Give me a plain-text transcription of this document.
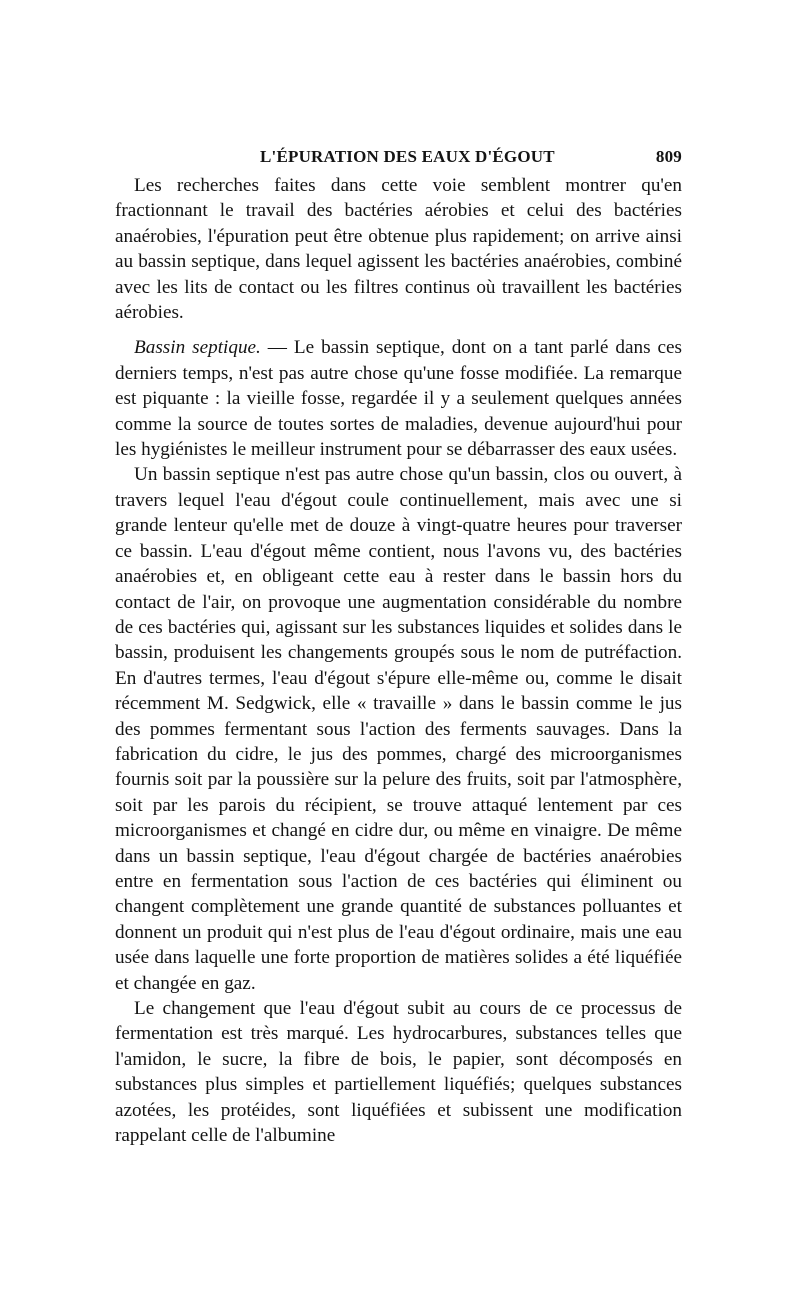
L'ÉPURATION DES EAUX D'ÉGOUT	809

Les recherches faites dans cette voie semblent montrer qu'en fractionnant le travail des bactéries aérobies et celui des bactéries anaérobies, l'épuration peut être obtenue plus rapidement; on arrive ainsi au bassin septique, dans lequel agissent les bactéries anaérobies, combiné avec les lits de contact ou les filtres continus où travaillent les bactéries aérobies.

Bassin septique. — Le bassin septique, dont on a tant parlé dans ces derniers temps, n'est pas autre chose qu'une fosse modifiée. La remarque est piquante : la vieille fosse, regardée il y a seulement quelques années comme la source de toutes sortes de maladies, devenue aujourd'hui pour les hygiénistes le meilleur instrument pour se débarrasser des eaux usées.

Un bassin septique n'est pas autre chose qu'un bassin, clos ou ouvert, à travers lequel l'eau d'égout coule continuellement, mais avec une si grande lenteur qu'elle met de douze à vingt-quatre heures pour traverser ce bassin. L'eau d'égout même contient, nous l'avons vu, des bactéries anaérobies et, en obligeant cette eau à rester dans le bassin hors du contact de l'air, on provoque une augmentation considérable du nombre de ces bactéries qui, agissant sur les substances liquides et solides dans le bassin, produisent les changements groupés sous le nom de putréfaction. En d'autres termes, l'eau d'égout s'épure elle-même ou, comme le disait récemment M. Sedgwick, elle « travaille » dans le bassin comme le jus des pommes fermentant sous l'action des ferments sauvages. Dans la fabrication du cidre, le jus des pommes, chargé des microorganismes fournis soit par la poussière sur la pelure des fruits, soit par l'atmosphère, soit par les parois du récipient, se trouve attaqué lentement par ces microorganismes et changé en cidre dur, ou même en vinaigre. De même dans un bassin septique, l'eau d'égout chargée de bactéries anaérobies entre en fermentation sous l'action de ces bactéries qui éliminent ou changent complètement une grande quantité de substances polluantes et donnent un produit qui n'est plus de l'eau d'égout ordinaire, mais une eau usée dans laquelle une forte proportion de matières solides a été liquéfiée et changée en gaz.

Le changement que l'eau d'égout subit au cours de ce processus de fermentation est très marqué. Les hydrocarbures, substances telles que l'amidon, le sucre, la fibre de bois, le papier, sont décomposés en substances plus simples et partiellement liquéfiés; quelques substances azotées, les protéides, sont liquéfiées et subissent une modification rappelant celle de l'albumine
